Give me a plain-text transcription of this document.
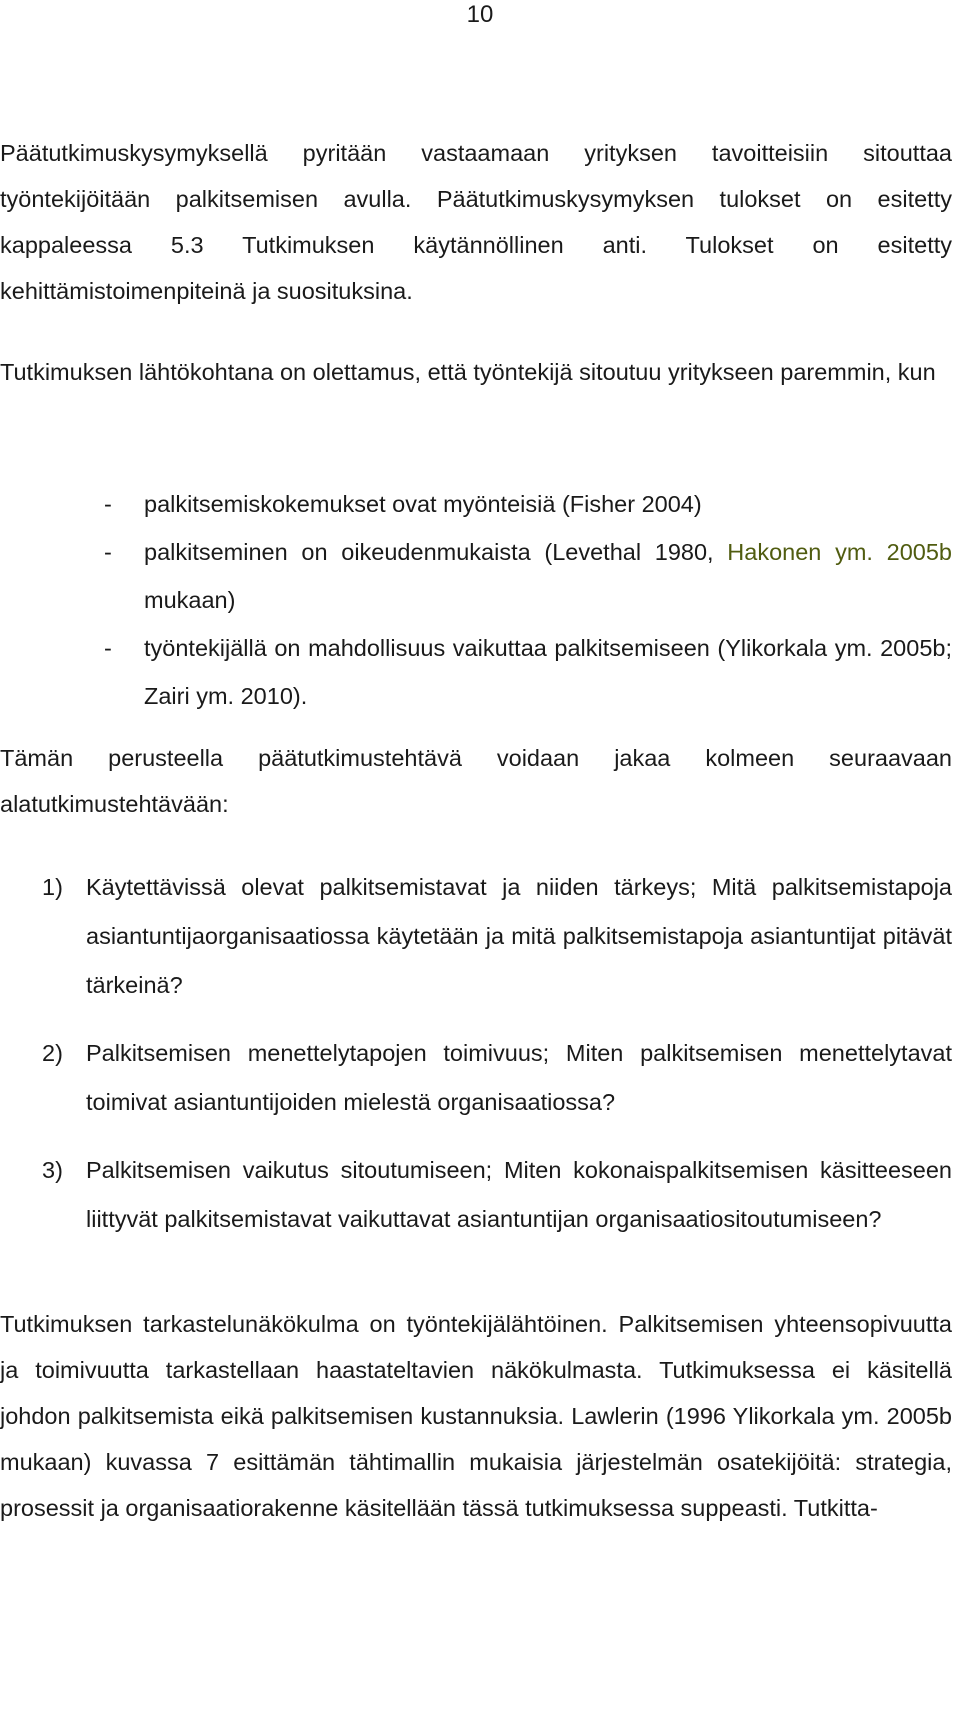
10

Päätutkimuskysymyksellä pyritään vastaamaan yrityksen tavoitteisiin sitouttaa työntekijöitään palkitsemisen avulla. Päätutkimuskysymyksen tulokset on esitetty kappaleessa 5.3 Tutkimuksen käytännöllinen anti. Tulokset on esitetty kehittämistoimenpiteinä ja suosituksina.

Tutkimuksen lähtökohtana on olettamus, että työntekijä sitoutuu yritykseen paremmin, kun

- palkitsemiskokemukset ovat myönteisiä (Fisher 2004)
- palkitseminen on oikeudenmukaista (Levethal 1980, Hakonen ym. 2005b mukaan)
- työntekijällä on mahdollisuus vaikuttaa palkitsemiseen (Ylikorkala ym. 2005b; Zairi ym. 2010).

Tämän perusteella päätutkimustehtävä voidaan jakaa kolmeen seuraavaan alatutkimustehtävään:

1) Käytettävissä olevat palkitsemistavat ja niiden tärkeys; Mitä palkitsemistapoja asiantuntijaorganisaatiossa käytetään ja mitä palkitsemistapoja asiantuntijat pitävät tärkeinä?
2) Palkitsemisen menettelytapojen toimivuus; Miten palkitsemisen menettelytavat toimivat asiantuntijoiden mielestä organisaatiossa?
3) Palkitsemisen vaikutus sitoutumiseen; Miten kokonaispalkitsemisen käsitteeseen liittyvät palkitsemistavat vaikuttavat asiantuntijan organisaatiositoutumiseen?

Tutkimuksen tarkastelunäkökulma on työntekijälähtöinen. Palkitsemisen yhteensopivuutta ja toimivuutta tarkastellaan haastateltavien näkökulmasta. Tutkimuksessa ei käsitellä johdon palkitsemista eikä palkitsemisen kustannuksia. Lawlerin (1996 Ylikorkala ym. 2005b mukaan) kuvassa 7 esittämän tähtimallin mukaisia järjestelmän osatekijöitä: strategia, prosessit ja organisaatiorakenne käsitellään tässä tutkimuksessa suppeasti. Tutkitta-
